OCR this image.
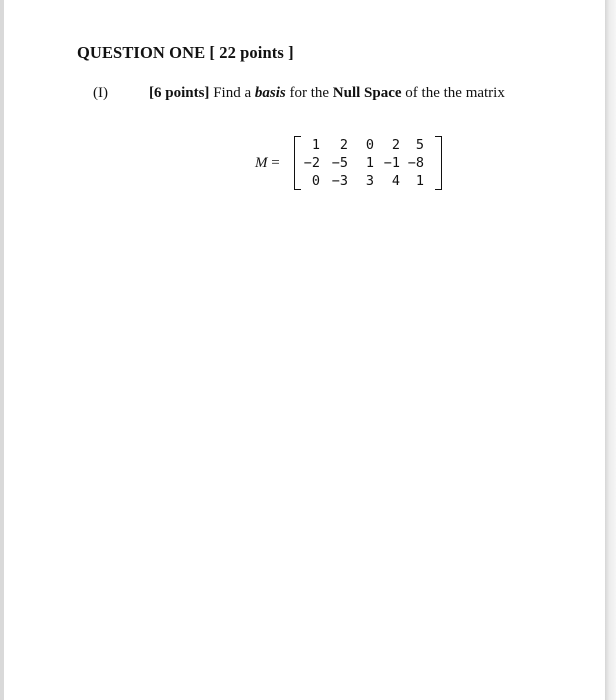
QUESTION ONE [ 22 points ]
(I)	[6 points] Find a basis for the Null Space of the the matrix
M =
1	2	0	2	5
−2 −5	1 −1 −8
0 −3	3	4	1
